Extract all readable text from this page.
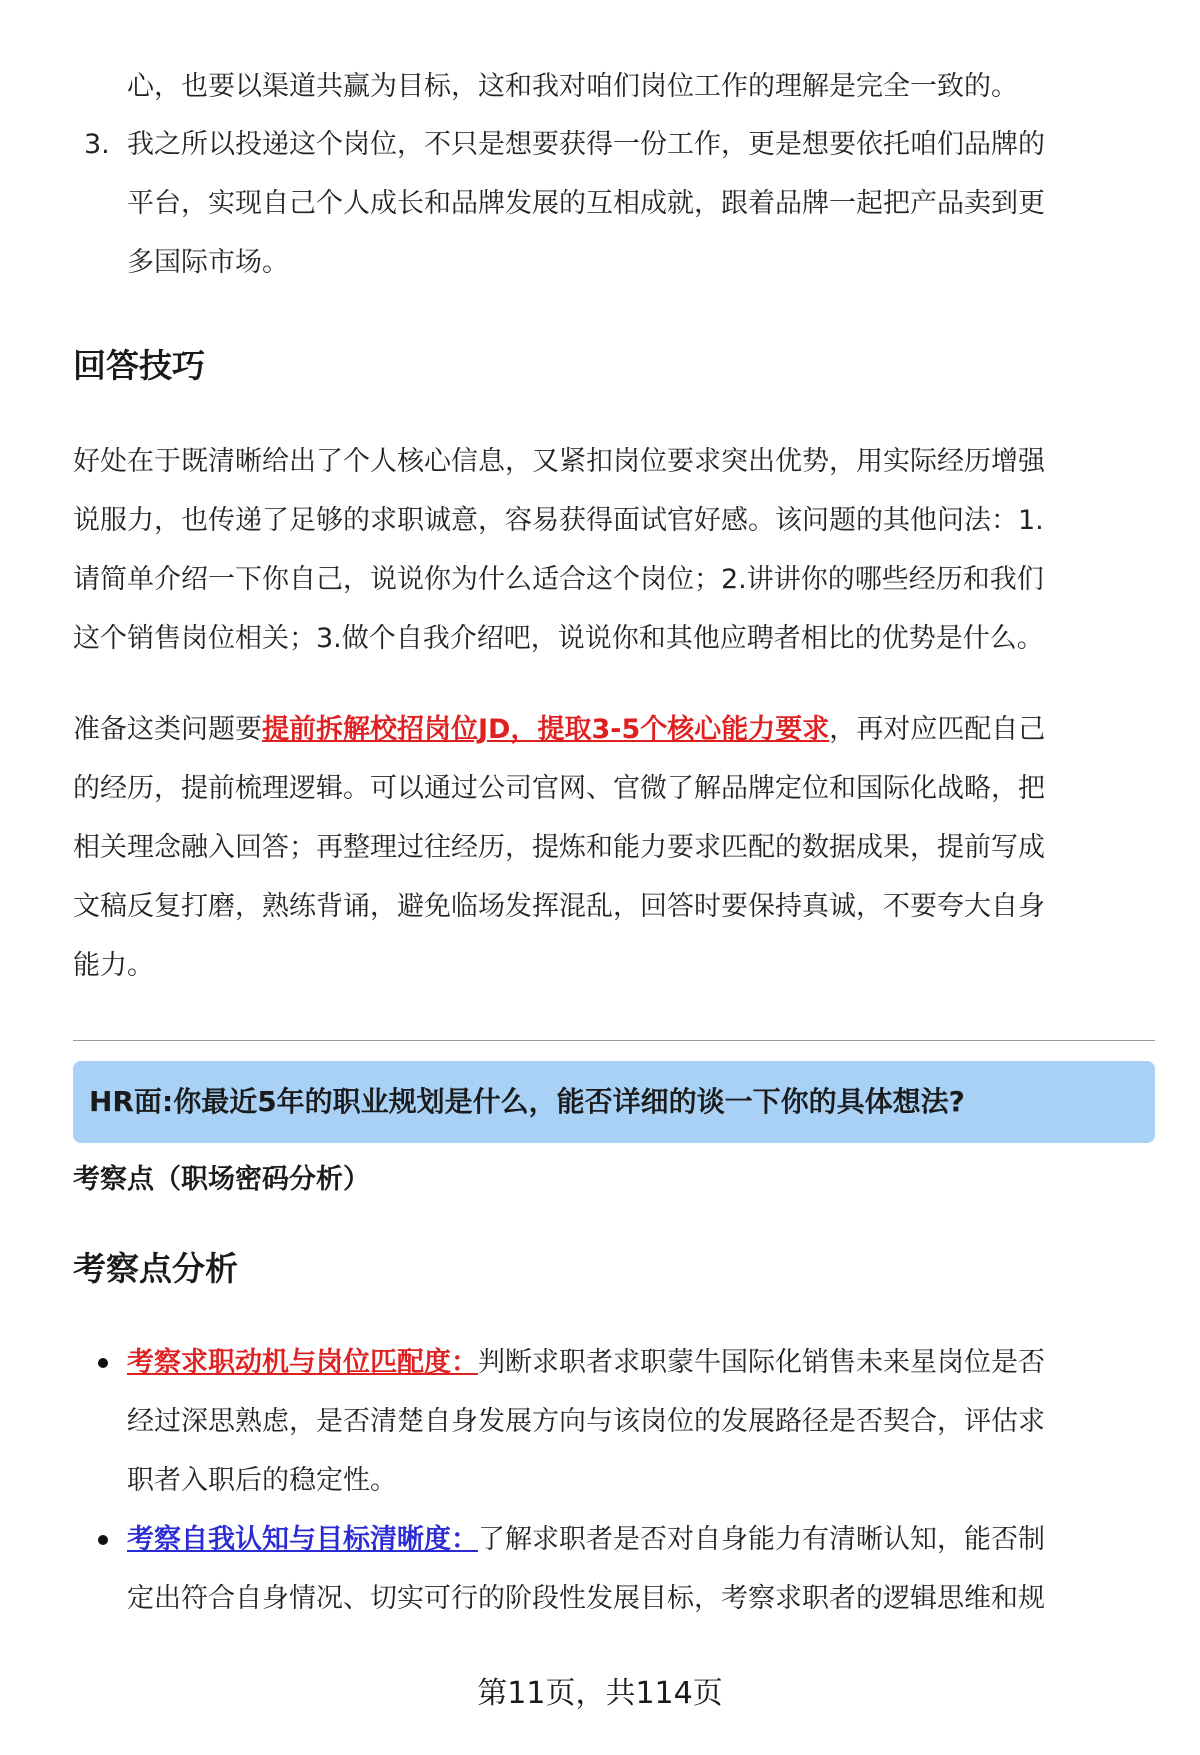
心，也要以渠道共赢为目标，这和我对咱们岗位工作的理解是完全一致的。

3. 我之所以投递这个岗位，不只是想要获得一份工作，更是想要依托咱们品牌的

平台，实现自己个人成长和品牌发展的互相成就，跟着品牌一起把产品卖到更

多国际市场。

回答技巧

好处在于既清晰给出了个人核心信息，又紧扣岗位要求突出优势，用实际经历增强

说服力，也传递了足够的求职诚意，容易获得面试官好感。该问题的其他问法：1.

请简单介绍一下你自己，说说你为什么适合这个岗位；2.讲讲你的哪些经历和我们

这个销售岗位相关；3.做个自我介绍吧，说说你和其他应聘者相比的优势是什么。

准备这类问题要提前拆解校招岗位JD，提取3-5个核心能力要求，再对应匹配自己

的经历，提前梳理逻辑。可以通过公司官网、官微了解品牌定位和国际化战略，把

相关理念融入回答；再整理过往经历，提炼和能力要求匹配的数据成果，提前写成

文稿反复打磨，熟练背诵，避免临场发挥混乱，回答时要保持真诚，不要夸大自身

能力。

HR面:你最近5年的职业规划是什么，能否详细的谈一下你的具体想法?
考察点（职场密码分析）
考察点分析

考察求职动机与岗位匹配度：判断求职者求职蒙牛国际化销售未来星岗位是否

经过深思熟虑，是否清楚自身发展方向与该岗位的发展路径是否契合，评估求

职者入职后的稳定性。

考察自我认知与目标清晰度：了解求职者是否对自身能力有清晰认知，能否制

定出符合自身情况、切实可行的阶段性发展目标，考察求职者的逻辑思维和规

第11页，共114页
